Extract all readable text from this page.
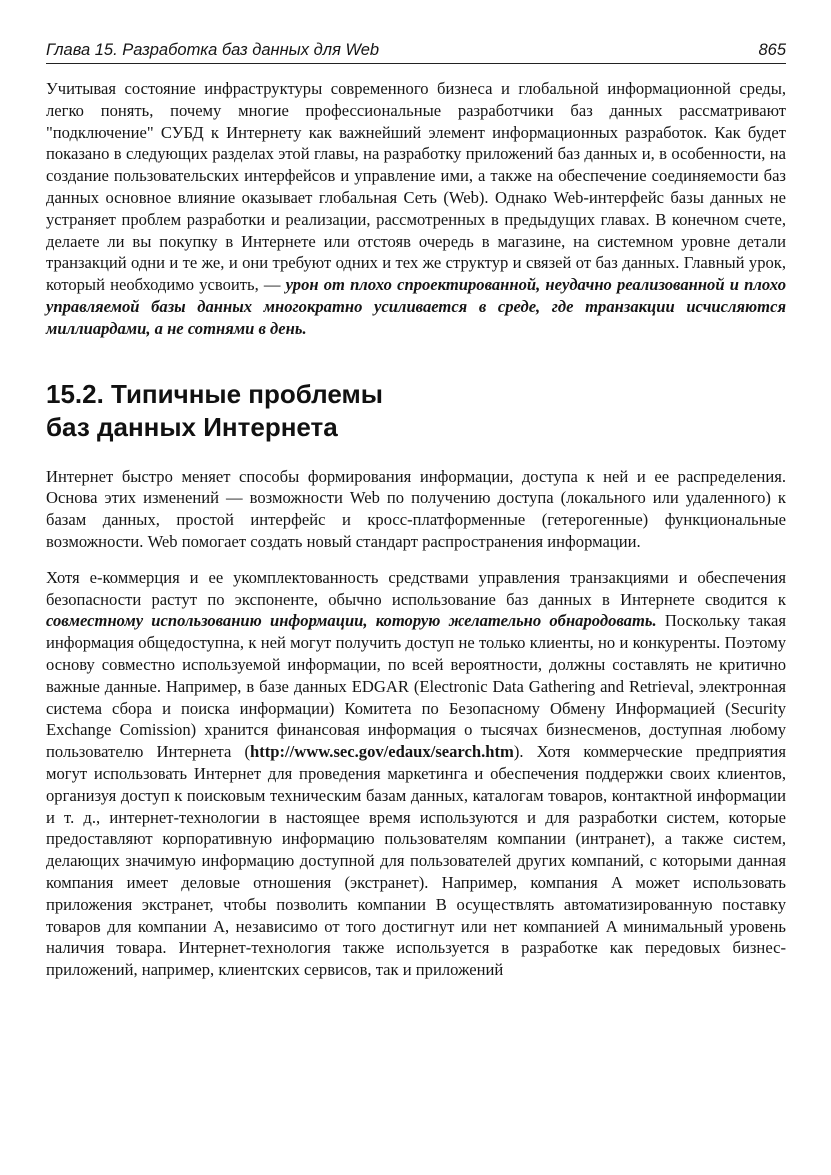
Глава 15. Разработка баз данных для Web	865

Учитывая состояние инфраструктуры современного бизнеса и глобальной информационной среды, легко понять, почему многие профессиональные разработчики баз данных рассматривают "подключение" СУБД к Интернету как важнейший элемент информационных разработок. Как будет показано в следующих разделах этой главы, на разработку приложений баз данных и, в особенности, на создание пользовательских интерфейсов и управление ими, а также на обеспечение соединяемости баз данных основное влияние оказывает глобальная Сеть (Web). Однако Web-интерфейс базы данных не устраняет проблем разработки и реализации, рассмотренных в предыдущих главах. В конечном счете, делаете ли вы покупку в Интернете или отстояв очередь в магазине, на системном уровне детали транзакций одни и те же, и они требуют одних и тех же структур и связей от баз данных. Главный урок, который необходимо усвоить, — урон от плохо спроектированной, неудачно реализованной и плохо управляемой базы данных многократно усиливается в среде, где транзакции исчисляются миллиардами, а не сотнями в день.

15.2. Типичные проблемы
баз данных Интернета

Интернет быстро меняет способы формирования информации, доступа к ней и ее распределения. Основа этих изменений — возможности Web по получению доступа (локального или удаленного) к базам данных, простой интерфейс и кросс-платформенные (гетерогенные) функциональные возможности. Web помогает создать новый стандарт распространения информации.

Хотя е-коммерция и ее укомплектованность средствами управления транзакциями и обеспечения безопасности растут по экспоненте, обычно использование баз данных в Интернете сводится к совместному использованию информации, которую желательно обнародовать. Поскольку такая информация общедоступна, к ней могут получить доступ не только клиенты, но и конкуренты. Поэтому основу совместно используемой информации, по всей вероятности, должны составлять не критично важные данные. Например, в базе данных EDGAR (Electronic Data Gathering and Retrieval, электронная система сбора и поиска информации) Комитета по Безопасному Обмену Информацией (Security Exchange Comission) хранится финансовая информация о тысячах бизнесменов, доступная любому пользователю Интернета (http://www.sec.gov/edaux/search.htm). Хотя коммерческие предприятия могут использовать Интернет для проведения маркетинга и обеспечения поддержки своих клиентов, организуя доступ к поисковым техническим базам данных, каталогам товаров, контактной информации и т. д., интернет-технологии в настоящее время используются и для разработки систем, которые предоставляют корпоративную информацию пользователям компании (интранет), а также систем, делающих значимую информацию доступной для пользователей других компаний, с которыми данная компания имеет деловые отношения (экстранет). Например, компания A может использовать приложения экстранет, чтобы позволить компании B осуществлять автоматизированную поставку товаров для компании A, независимо от того достигнут или нет компанией A минимальный уровень наличия товара. Интернет-технология также используется в разработке как передовых бизнес-приложений, например, клиентских сервисов, так и приложений
